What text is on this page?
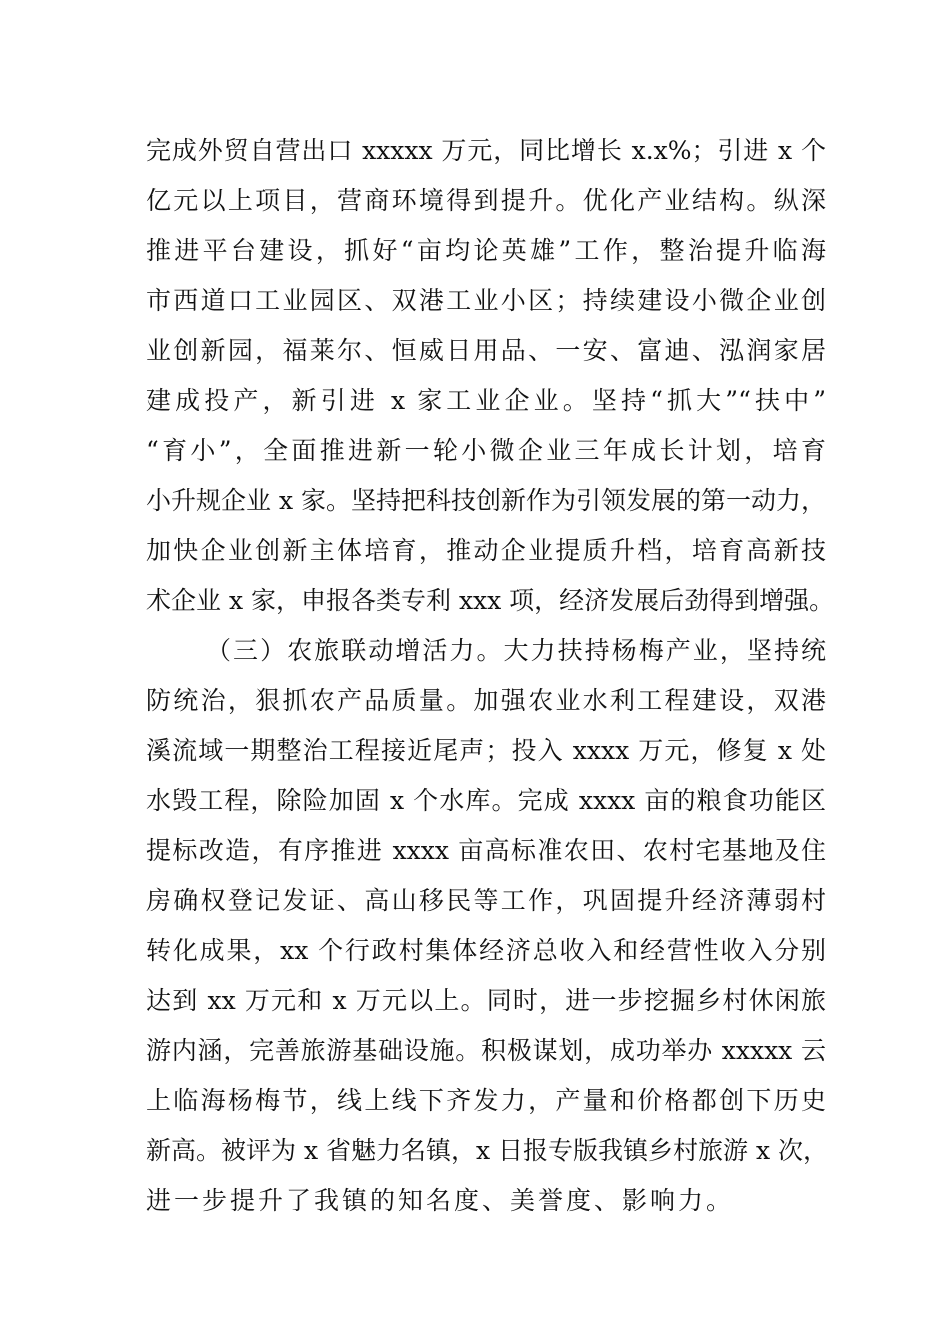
完成外贸自营出口 xxxxx 万元，同比增长 x.x%；引进 x 个
亿元以上项目，营商环境得到提升。优化产业结构。纵深
推进平台建设，抓好“亩均论英雄”工作，整治提升临海
市西道口工业园区、双港工业小区；持续建设小微企业创
业创新园，福莱尔、恒威日用品、一安、富迪、泓润家居
建成投产，新引进 x 家工业企业。坚持“抓大”“扶中”
“育小”，全面推进新一轮小微企业三年成长计划，培育
小升规企业 x 家。坚持把科技创新作为引领发展的第一动力，
加快企业创新主体培育，推动企业提质升档，培育高新技
术企业 x 家，申报各类专利 xxx 项，经济发展后劲得到增强。
（三）农旅联动增活力。大力扶持杨梅产业，坚持统
防统治，狠抓农产品质量。加强农业水利工程建设，双港
溪流域一期整治工程接近尾声；投入 xxxx 万元，修复 x 处
水毁工程，除险加固 x 个水库。完成 xxxx 亩的粮食功能区
提标改造，有序推进 xxxx 亩高标准农田、农村宅基地及住
房确权登记发证、高山移民等工作，巩固提升经济薄弱村
转化成果，xx 个行政村集体经济总收入和经营性收入分别
达到 xx 万元和 x 万元以上。同时，进一步挖掘乡村休闲旅
游内涵，完善旅游基础设施。积极谋划，成功举办 xxxxx 云
上临海杨梅节，线上线下齐发力，产量和价格都创下历史
新高。被评为 x 省魅力名镇，x 日报专版我镇乡村旅游 x 次，
进一步提升了我镇的知名度、美誉度、影响力。
